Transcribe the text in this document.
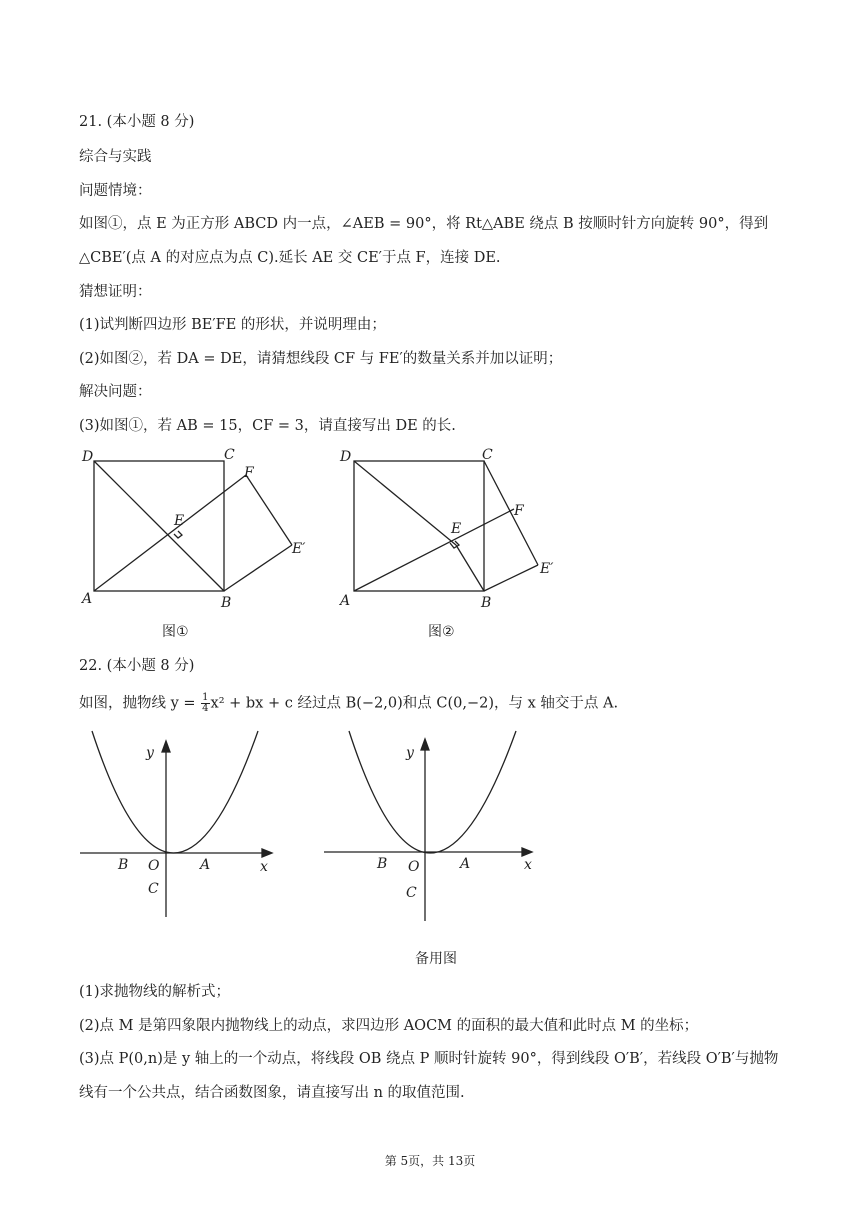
21. (本小题 8 分)
综合与实践
问题情境：
如图①，点 E 为正方形 ABCD 内一点，∠AEB = 90°，将 Rt△ABE 绕点 B 按顺时针方向旋转 90°，得到
△CBE′(点 A 的对应点为点 C).延长 AE 交 CE′于点 F，连接 DE.
猜想证明：
(1)试判断四边形 BE′FE 的形状，并说明理由；
(2)如图②，若 DA = DE，请猜想线段 CF 与 FE′的数量关系并加以证明；
解决问题：
(3)如图①，若 AB = 15，CF = 3，请直接写出 DE 的长.
D	C
F
E
E′
A	B
图①
D	C
F
E
E′
A	B
图②
22. (本小题 8 分)
如图，抛物线 $y = \frac{1}{4} x^2$ + bx + c 经过点 B(−2,0)和点 C(0,−2)，与 x 轴交于点 A.
y
x
B O	A
C
y
x
B O	A
C
备用图
(1)求抛物线的解析式；
(2)点 M 是第四象限内抛物线上的动点，求四边形 AOCM 的面积的最大值和此时点 M 的坐标；
(3)点 P(0,n)是 y 轴上的一个动点，将线段 OB 绕点 P 顺时针旋转 90°，得到线段 O′B′，若线段 O′B′与抛物
线有一个公共点，结合函数图象，请直接写出 n 的取值范围.
第 5页，共 13页
